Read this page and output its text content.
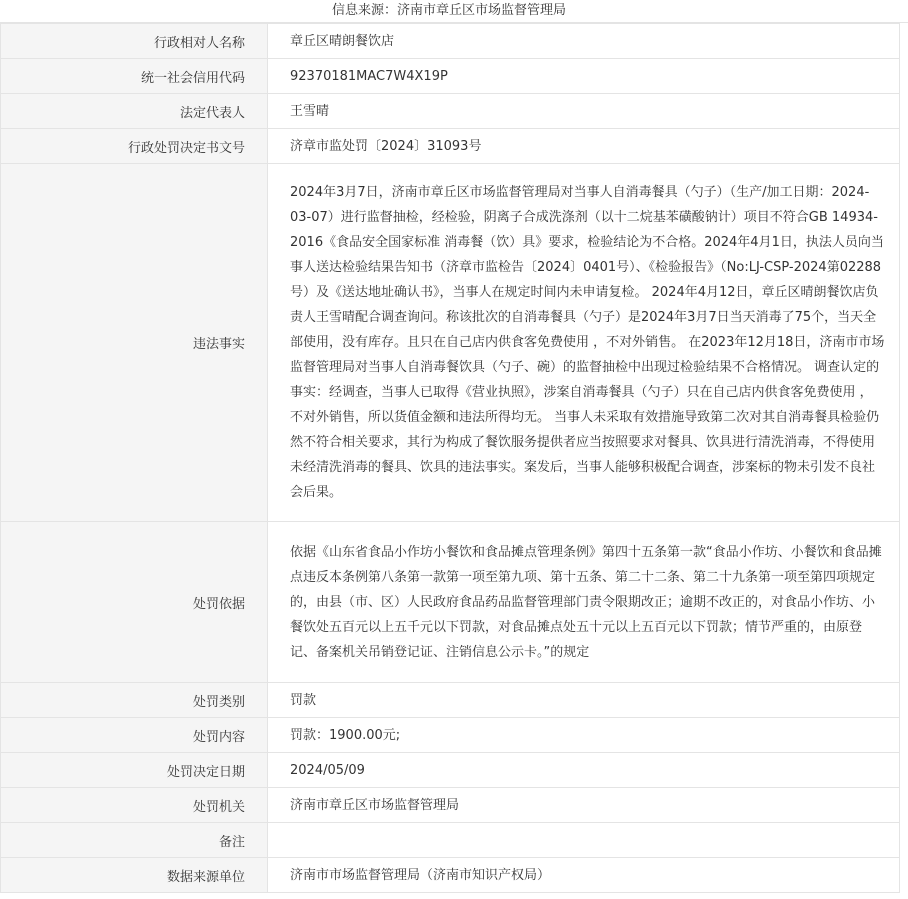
信息来源：济南市章丘区市场监督管理局
行政相对人名称	章丘区晴朗餐饮店
统一社会信用代码	92370181MAC7W4X19P
法定代表人	王雪晴
行政处罚决定书文号	济章市监处罚〔2024〕31093号
违法事实	2024年3月7日，济南市章丘区市场监督管理局对当事人自消毒餐具（勺子）（生产/加工日期：2024-03-07）进行监督抽检，经检验，阴离子合成洗涤剂（以十二烷基苯磺酸钠计）项目不符合GB 14934-2016《食品安全国家标准 消毒餐（饮）具》要求，检验结论为不合格。2024年4月1日，执法人员向当事人送达检验结果告知书（济章市监检告〔2024〕0401号）、《检验报告》（No:LJ-CSP-2024第02288号）及《送达地址确认书》，当事人在规定时间内未申请复检。 2024年4月12日，章丘区晴朗餐饮店负责人王雪晴配合调查询问。称该批次的自消毒餐具（勺子）是2024年3月7日当天消毒了75个，当天全部使用，没有库存。且只在自己店内供食客免费使用 ，不对外销售。 在2023年12月18日，济南市市场监督管理局对当事人自消毒餐饮具（勺子、碗）的监督抽检中出现过检验结果不合格情况。 调查认定的事实：经调查，当事人已取得《营业执照》，涉案自消毒餐具（勺子）只在自己店内供食客免费使用 ，不对外销售，所以货值金额和违法所得均无。 当事人未采取有效措施导致第二次对其自消毒餐具检验仍然不符合相关要求，其行为构成了餐饮服务提供者应当按照要求对餐具、饮具进行清洗消毒，不得使用未经清洗消毒的餐具、饮具的违法事实。案发后，当事人能够积极配合调查，涉案标的物未引发不良社会后果。
处罚依据	依据《山东省食品小作坊小餐饮和食品摊点管理条例》第四十五条第一款“食品小作坊、小餐饮和食品摊点违反本条例第八条第一款第一项至第九项、第十五条、第二十二条、第二十九条第一项至第四项规定的，由县（市、区）人民政府食品药品监督管理部门责令限期改正；逾期不改正的，对食品小作坊、小餐饮处五百元以上五千元以下罚款，对食品摊点处五十元以上五百元以下罚款；情节严重的，由原登记、备案机关吊销登记证、注销信息公示卡。”的规定
处罚类别	罚款
处罚内容	罚款：1900.00元;
处罚决定日期	2024/05/09
处罚机关	济南市章丘区市场监督管理局
备注	
数据来源单位	济南市市场监督管理局（济南市知识产权局）
